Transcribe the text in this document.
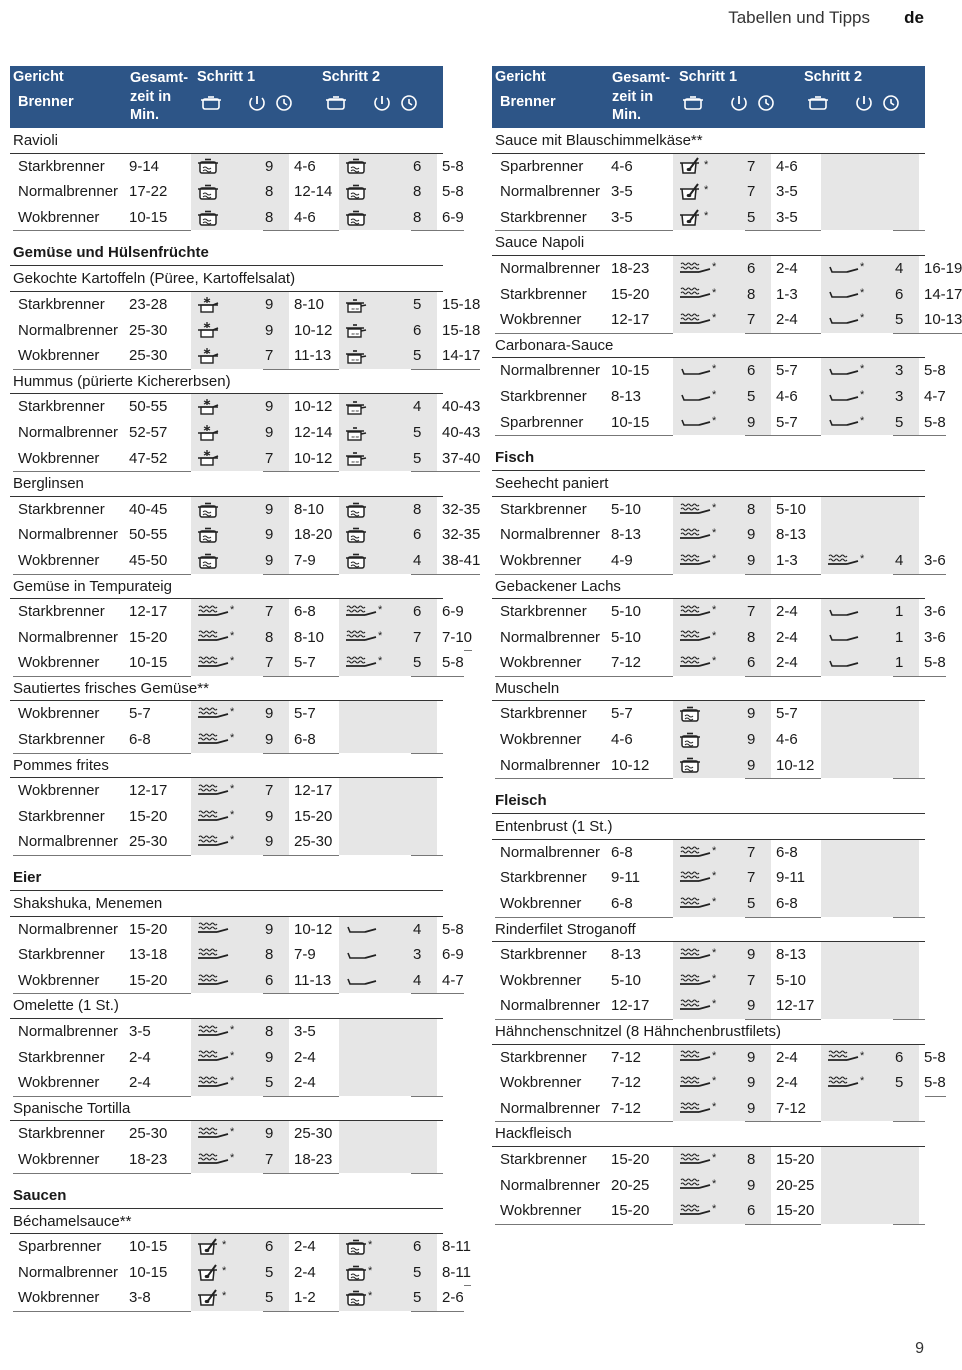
Tabellen und Tipps de
Gericht
Brenner
Gesamt-
zeit in
Min.
Schritt 1	Schritt 2
Ravioli
Starkbrenner	9-14	9	4-6	6	5-8
Normalbrenner 17-22	8	12-14	8	5-8
Wokbrenner	10-15	8	4-6	8	6-9
Gemüse und Hülsenfrüchte
Gekochte Kartoffeln (Püree, Kartoffelsalat)
Starkbrenner	23-28	9	8-10	≈≈	5	15-18
Normalbrenner 25-30	9	10-12	≈≈	6	15-18
Wokbrenner	25-30	7	11-13	≈≈	5	14-17
Hummus (pürierte Kichererbsen)
Starkbrenner	50-55	9	10-12	≈≈	4	40-43
Normalbrenner 52-57	9	12-14	≈≈	5	40-43
Wokbrenner	47-52	7	10-12	≈≈	5	37-40
Berglinsen
Starkbrenner	40-45	9	8-10	8	32-35
Normalbrenner 50-55	9	18-20	6	32-35
Wokbrenner	45-50	9	7-9	4	38-41
Gemüse in Tempurateig
Starkbrenner	12-17	* 7	6-8	* 6	6-9
Normalbrenner 15-20	* 8	8-10	* 7	7-10
Wokbrenner	10-15	* 7	5-7	* 5	5-8
Sautiertes frisches Gemüse**
Wokbrenner	5-7	* 9	5-7
Starkbrenner	6-8	* 9	6-8
Pommes frites
Wokbrenner	12-17	* 7	12-17
Starkbrenner	15-20	* 9	15-20
Normalbrenner 25-30	* 9	25-30
Eier
Shakshuka, Menemen
Normalbrenner 15-20	9	10-12	4	5-8
Starkbrenner	13-18	8	7-9	3	6-9
Wokbrenner	15-20	6	11-13	4	4-7
Omelette (1 St.)
Normalbrenner 3-5	* 8	3-5
Starkbrenner	2-4	* 9	2-4
Wokbrenner	2-4	* 5	2-4
Spanische Tortilla
Starkbrenner	25-30	* 9	25-30
Wokbrenner	18-23	* 7	18-23
Saucen
Béchamelsauce**
Sparbrenner	10-15	*	6	2-4	*	6	8-11
Normalbrenner 10-15	*	5	2-4	*	5	8-11
Wokbrenner	3-8	*	5	1-2	*	5	2-6
Gericht
Brenner
Gesamt-
zeit in
Min.
Schritt 1	Schritt 2
Sauce mit Blauschimmelkäse**
Sparbrenner	4-6	*	7	4-6
Normalbrenner 3-5	*	7	3-5
Starkbrenner	3-5	*	5	3-5
Sauce Napoli
Normalbrenner 18-23	* 6	2-4	* 4	16-19
Starkbrenner	15-20	* 8	1-3	* 6	14-17
Wokbrenner	12-17	* 7	2-4	* 5	10-13
Carbonara-Sauce
Normalbrenner 10-15	* 6	5-7	* 3	5-8
Starkbrenner	8-13	* 5	4-6	* 3	4-7
Sparbrenner	10-15	* 9	5-7	* 5	5-8
Fisch
Seehecht paniert
Starkbrenner	5-10	* 8	5-10
Normalbrenner 8-13	* 9	8-13
Wokbrenner	4-9	* 9	1-3	* 4	3-6
Gebackener Lachs
Starkbrenner	5-10	* 7	2-4	1	3-6
Normalbrenner 5-10	* 8	2-4	1	3-6
Wokbrenner	7-12	* 6	2-4	1	5-8
Muscheln
Starkbrenner	5-7	9	5-7
Wokbrenner	4-6	9	4-6
Normalbrenner 10-12	9	10-12
Fleisch
Entenbrust (1 St.)
Normalbrenner 6-8	* 7	6-8
Starkbrenner	9-11	* 7	9-11
Wokbrenner	6-8	* 5	6-8
Rinderfilet Stroganoff
Starkbrenner	8-13	* 9	8-13
Wokbrenner	5-10	* 7	5-10
Normalbrenner 12-17	* 9	12-17
Hähnchenschnitzel (8 Hähnchenbrustfilets)
Starkbrenner	7-12	* 9	2-4	* 6	5-8
Wokbrenner	7-12	* 9	2-4	* 5	5-8
Normalbrenner 7-12	* 9	7-12
Hackfleisch
Starkbrenner	15-20	* 8	15-20
Normalbrenner 20-25	* 9	20-25
Wokbrenner	15-20	* 6	15-20
9
